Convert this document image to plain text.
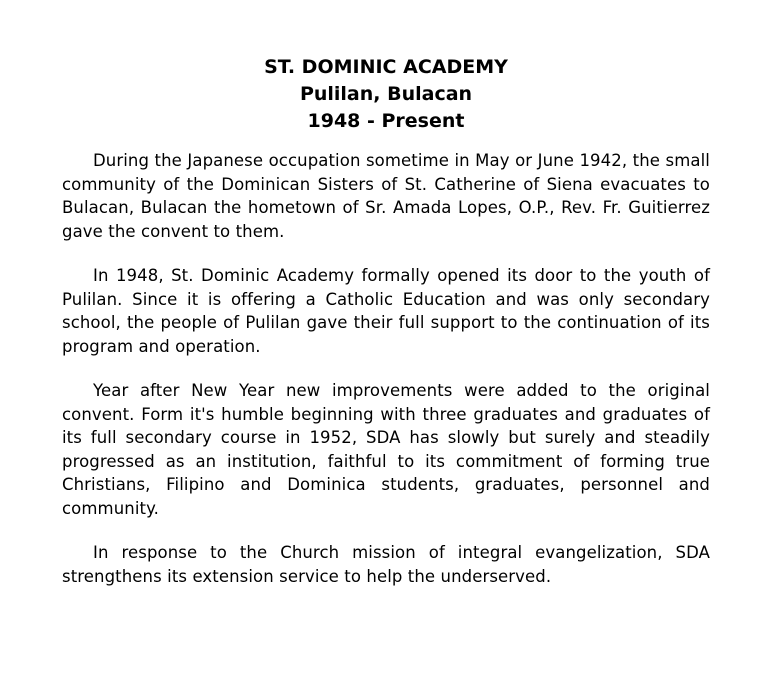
ST. DOMINIC ACADEMY

Pulilan, Bulacan

1948 - Present

During the Japanese occupation sometime in May or June 1942, the small community of the Dominican Sisters of St. Catherine of Siena evacuates to Bulacan, Bulacan the hometown of Sr. Amada Lopes, O.P., Rev. Fr. Guitierrez gave the convent to them.

In 1948, St. Dominic Academy formally opened its door to the youth of Pulilan. Since it is offering a Catholic Education and was only secondary school, the people of Pulilan gave their full support to the continuation of its program and operation.

Year after New Year new improvements were added to the original convent. Form it's humble beginning with three graduates and graduates of its full secondary course in 1952, SDA has slowly but surely and steadily progressed as an institution, faithful to its commitment of forming true Christians, Filipino and Dominica students, graduates, personnel and community.

In response to the Church mission of integral evangelization, SDA strengthens its extension service to help the underserved.
